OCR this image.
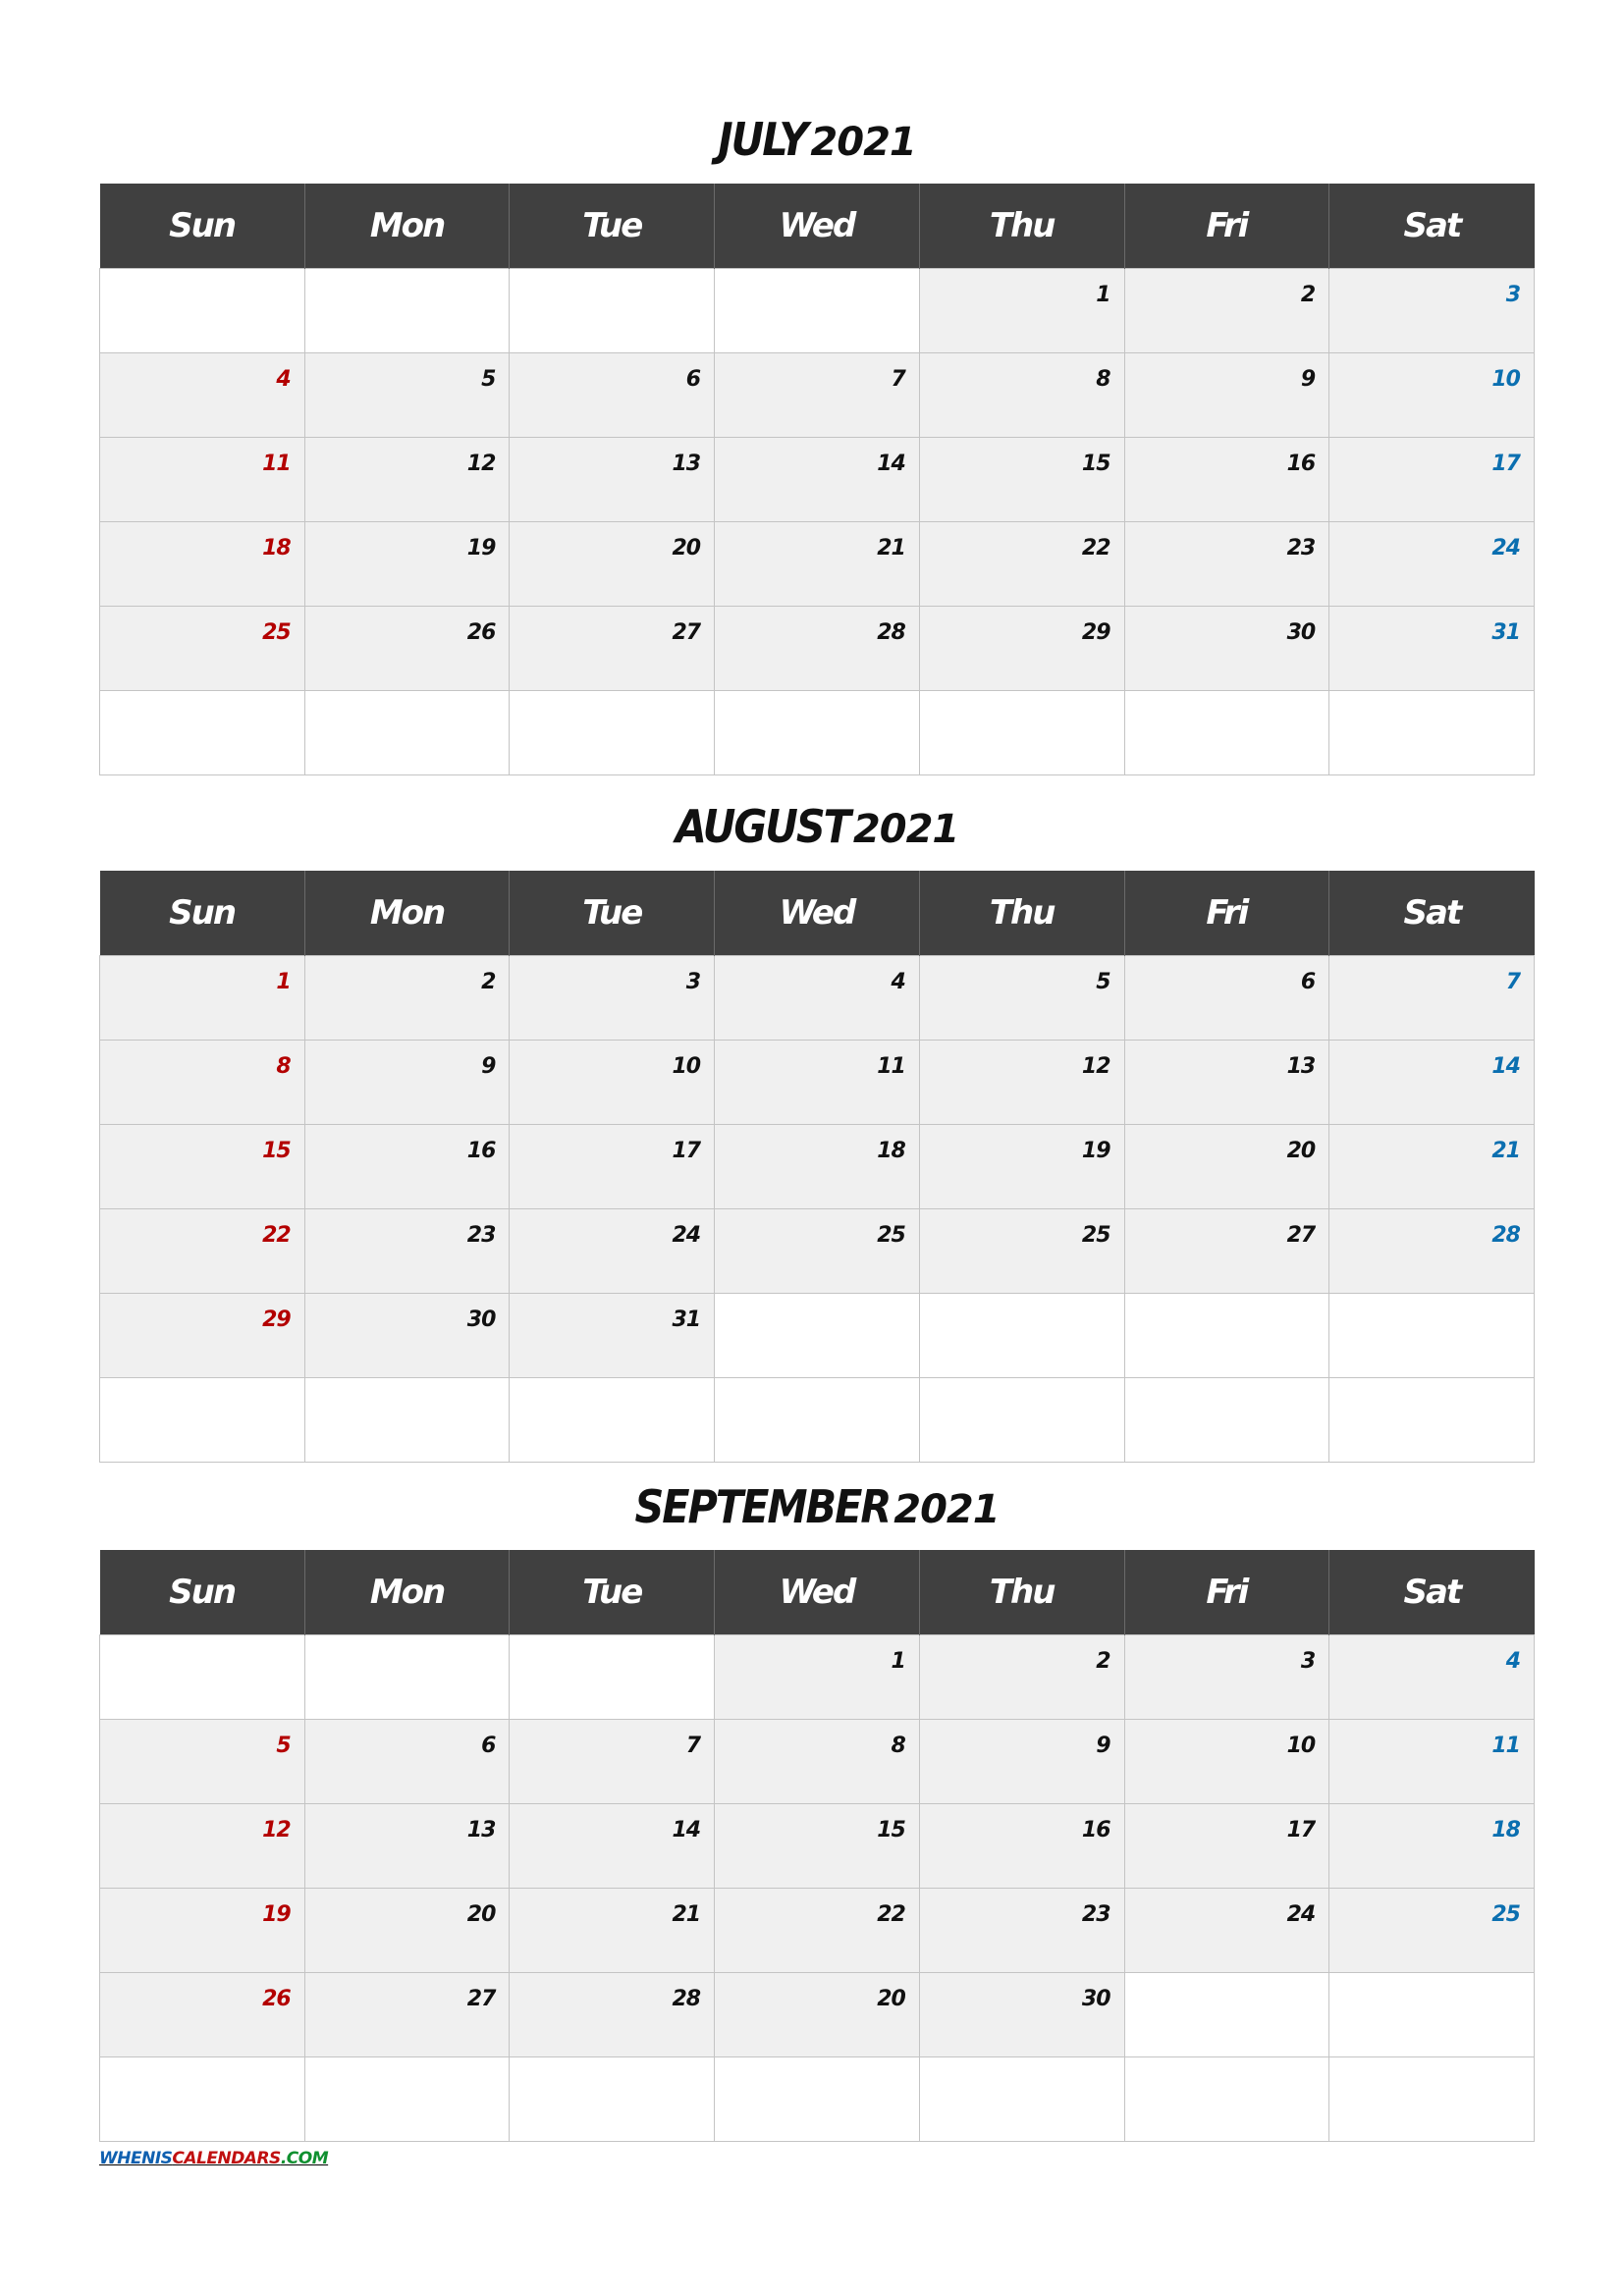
JULY 2021
Sun	Mon	Tue	Wed	Thu	Fri	Sat
				1	2	3
4	5	6	7	8	9	10
11	12	13	14	15	16	17
18	19	20	21	22	23	24
25	26	27	28	29	30	31

AUGUST 2021
Sun	Mon	Tue	Wed	Thu	Fri	Sat
1	2	3	4	5	6	7
8	9	10	11	12	13	14
15	16	17	18	19	20	21
22	23	24	25	25	27	28
29	30	31				

SEPTEMBER 2021
Sun	Mon	Tue	Wed	Thu	Fri	Sat
			1	2	3	4
5	6	7	8	9	10	11
12	13	14	15	16	17	18
19	20	21	22	23	24	25
26	27	28	20	30		

WHENISCALENDARS.COM
